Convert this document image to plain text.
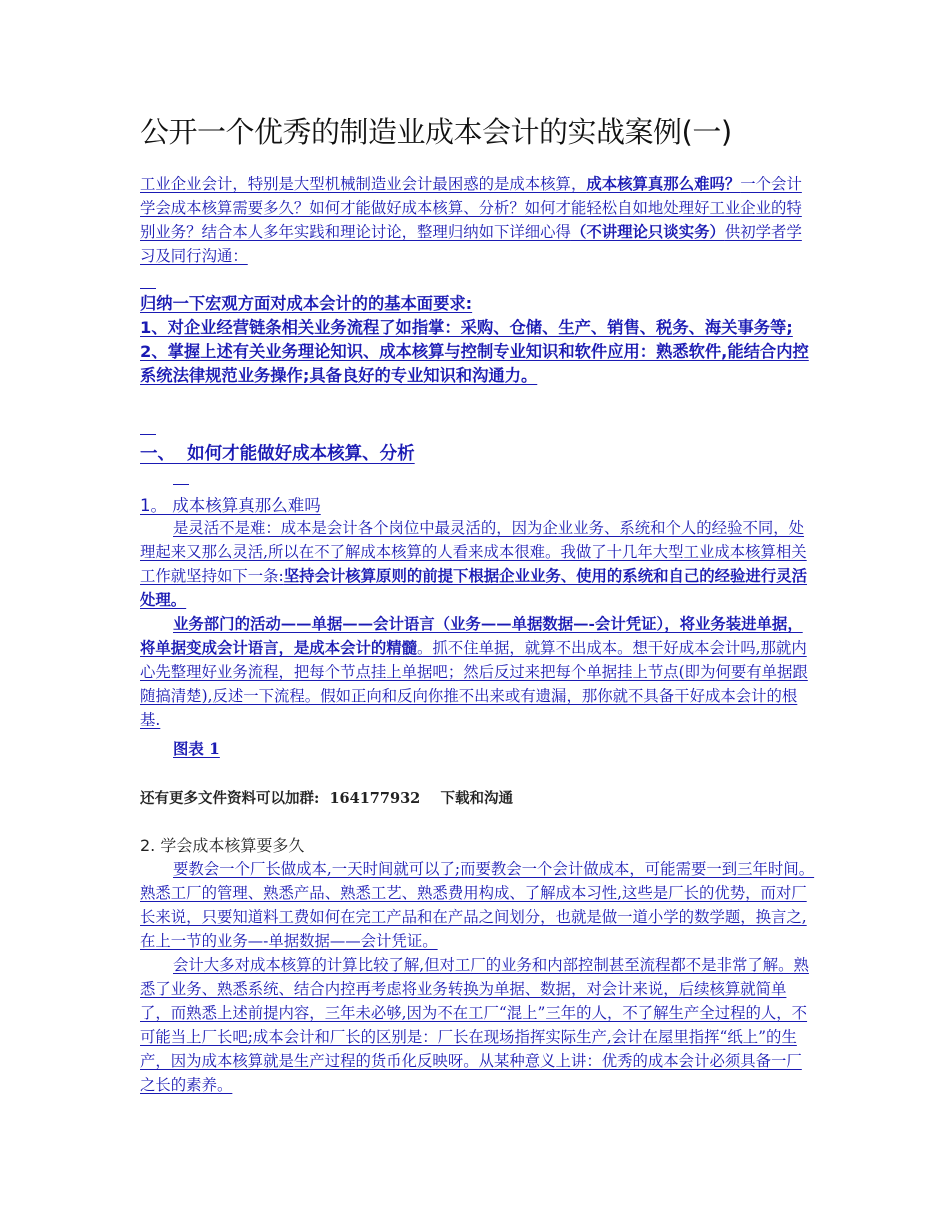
公开一个优秀的制造业成本会计的实战案例(一)

工业企业会计，特别是大型机械制造业会计最困惑的是成本核算，成本核算真那么难吗？一个会计学会成本核算需要多久？如何才能做好成本核算、分析？如何才能轻松自如地处理好工业企业的特别业务？结合本人多年实践和理论讨论，整理归纳如下详细心得（不讲理论只谈实务）供初学者学习及同行沟通：

归纳一下宏观方面对成本会计的的基本面要求:

1、对企业经营链条相关业务流程了如指掌：采购、仓储、生产、销售、税务、海关事务等;

2、掌握上述有关业务理论知识、成本核算与控制专业知识和软件应用：熟悉软件,能结合内控系统法律规范业务操作;具备良好的专业知识和沟通力。

一、  如何才能做好成本核算、分析
1。 成本核算真那么难吗

是灵活不是难：成本是会计各个岗位中最灵活的，因为企业业务、系统和个人的经验不同，处理起来又那么灵活,所以在不了解成本核算的人看来成本很难。我做了十几年大型工业成本核算相关工作就坚持如下一条:坚持会计核算原则的前提下根据企业业务、使用的系统和自己的经验进行灵活处理。

业务部门的活动——单据——会计语言（业务——单据数据—-会计凭证），将业务装进单据，将单据变成会计语言，是成本会计的精髓。抓不住单据，就算不出成本。想干好成本会计吗,那就内心先整理好业务流程，把每个节点挂上单据吧；然后反过来把每个单据挂上节点(即为何要有单据跟随搞清楚),反述一下流程。假如正向和反向你推不出来或有遗漏，那你就不具备干好成本会计的根基.

图表 1
还有更多文件资料可以加群:  164177932    下载和沟通
2. 学会成本核算要多久

要教会一个厂长做成本,一天时间就可以了;而要教会一个会计做成本，可能需要一到三年时间。熟悉工厂的管理、熟悉产品、熟悉工艺、熟悉费用构成、了解成本习性,这些是厂长的优势，而对厂长来说，只要知道料工费如何在完工产品和在产品之间划分，也就是做一道小学的数学题，换言之,在上一节的业务—-单据数据——会计凭证。

会计大多对成本核算的计算比较了解,但对工厂的业务和内部控制甚至流程都不是非常了解。熟悉了业务、熟悉系统、结合内控再考虑将业务转换为单据、数据，对会计来说，后续核算就简单了，而熟悉上述前提内容，三年未必够,因为不在工厂“混上”三年的人，不了解生产全过程的人，不可能当上厂长吧;成本会计和厂长的区别是：厂长在现场指挥实际生产,会计在屋里指挥“纸上”的生产，因为成本核算就是生产过程的货币化反映呀。从某种意义上讲：优秀的成本会计必须具备一厂之长的素养。
